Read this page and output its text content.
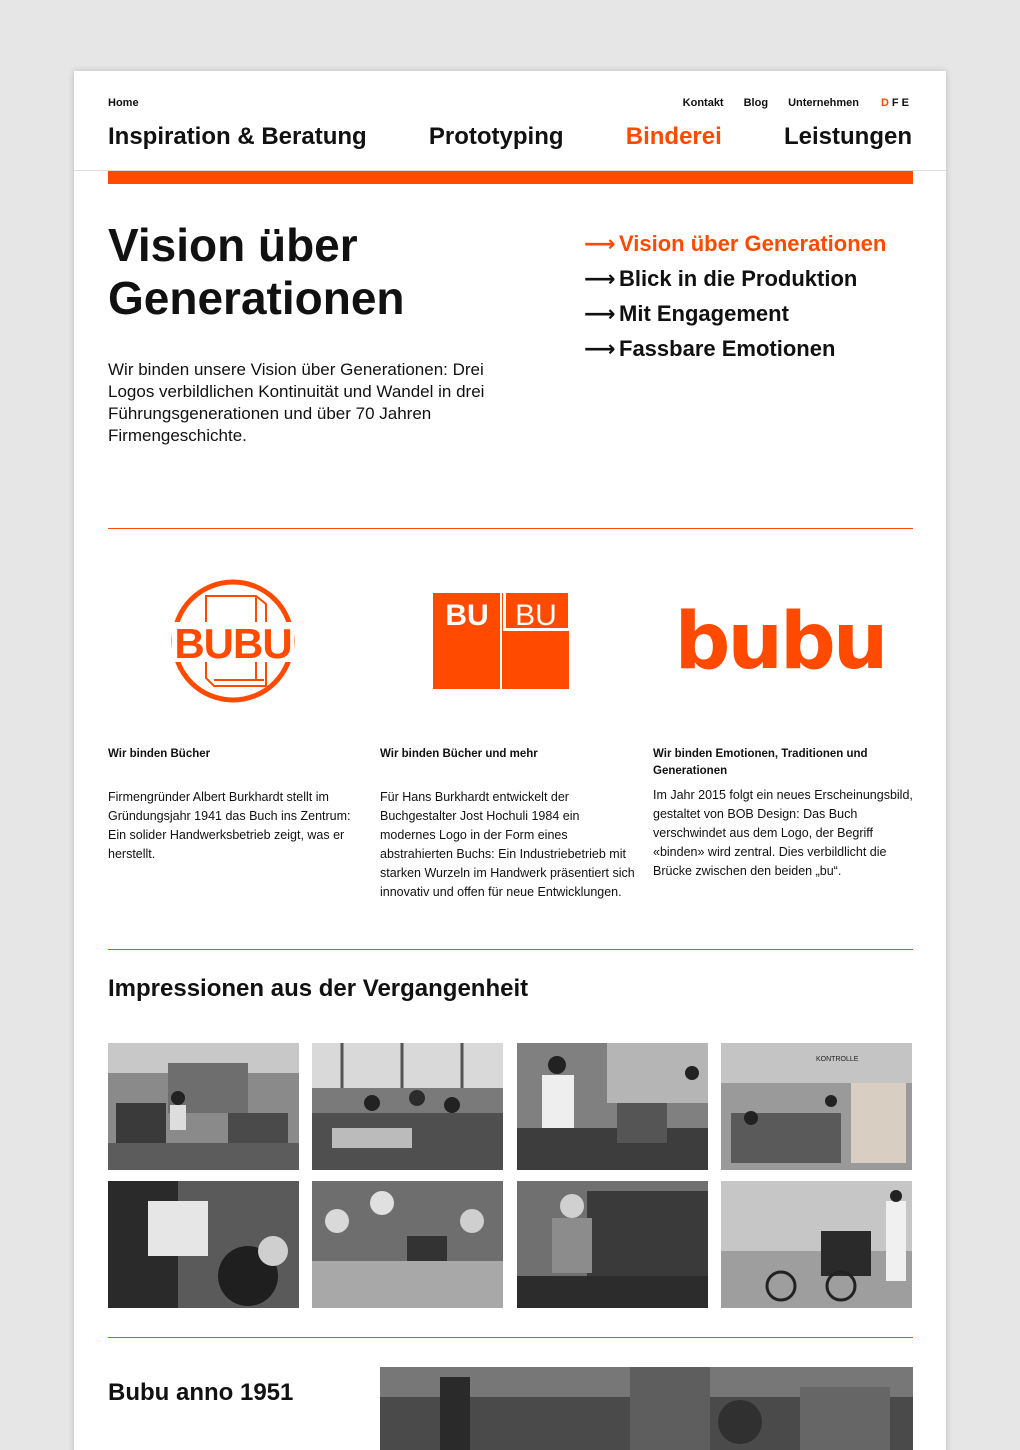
Home	Kontakt Blog Unternehmen D F E
Inspiration & Beratung	Prototyping	Binderei	Leistungen
Vision über Generationen

Wir binden unsere Vision über Generationen: Drei Logos verbildlichen Kontinuität und Wandel in drei Führungsgenerationen und über 70 Jahren Firmengeschichte.

⟶ Vision über Generationen
⟶ Blick in die Produktion
⟶ Mit Engagement
⟶ Fassbare Emotionen
BUBU
BU BU bubu
Wir binden Bücher	Wir binden Bücher und mehr	Wir binden Emotionen, Traditionen und Generationen

Firmengründer Albert Burkhardt stellt im Gründungsjahr 1941 das Buch ins Zentrum: Ein solider Handwerksbetrieb zeigt, was er herstellt.

Für Hans Burkhardt entwickelt der Buchgestalter Jost Hochuli 1984 ein modernes Logo in der Form eines abstrahierten Buchs: Ein Industriebetrieb mit starken Wurzeln im Handwerk präsentiert sich innovativ und offen für neue Entwicklungen.

Im Jahr 2015 folgt ein neues Erscheinungsbild, gestaltet von BOB Design: Das Buch verschwindet aus dem Logo, der Begriff «binden» wird zentral. Dies verbildlicht die Brücke zwischen den beiden „bu“.

Impressionen aus der Vergangenheit
KONTROLLE
Bubu anno 1951
